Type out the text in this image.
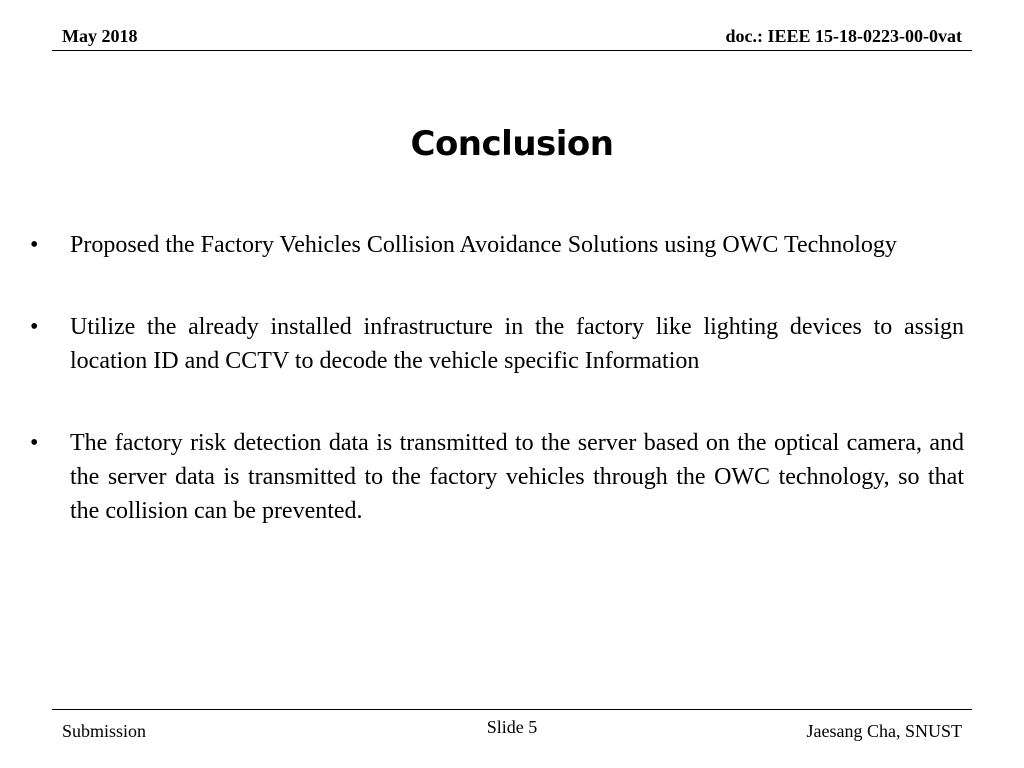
May 2018	doc.: IEEE 15-18-0223-00-0vat
Conclusion
• Proposed the Factory Vehicles Collision Avoidance Solutions using OWC Technology
• Utilize the already installed infrastructure in the factory like lighting devices to assign location ID and CCTV to decode the vehicle specific Information
• The factory risk detection data is transmitted to the server based on the optical camera, and the server data is transmitted to the factory vehicles through the OWC technology, so that the collision can be prevented.
Submission	Slide 5	Jaesang Cha, SNUST
